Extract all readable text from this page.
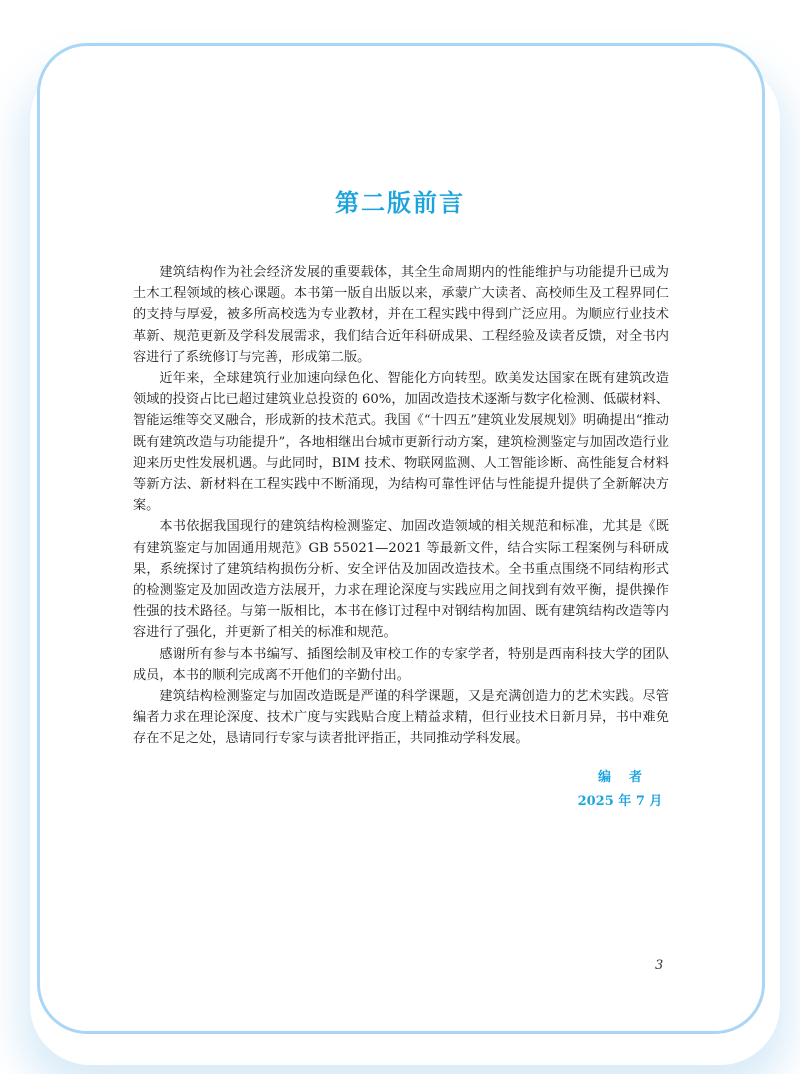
第二版前言

建筑结构作为社会经济发展的重要载体，其全生命周期内的性能维护与功能提升已成为土木工程领域的核心课题。本书第一版自出版以来，承蒙广大读者、高校师生及工程界同仁的支持与厚爱，被多所高校选为专业教材，并在工程实践中得到广泛应用。为顺应行业技术革新、规范更新及学科发展需求，我们结合近年科研成果、工程经验及读者反馈，对全书内容进行了系统修订与完善，形成第二版。

近年来，全球建筑行业加速向绿色化、智能化方向转型。欧美发达国家在既有建筑改造领域的投资占比已超过建筑业总投资的 60%，加固改造技术逐渐与数字化检测、低碳材料、智能运维等交叉融合，形成新的技术范式。我国《“十四五”建筑业发展规划》明确提出“推动既有建筑改造与功能提升”，各地相继出台城市更新行动方案，建筑检测鉴定与加固改造行业迎来历史性发展机遇。与此同时，BIM 技术、物联网监测、人工智能诊断、高性能复合材料等新方法、新材料在工程实践中不断涌现，为结构可靠性评估与性能提升提供了全新解决方案。

本书依据我国现行的建筑结构检测鉴定、加固改造领域的相关规范和标准，尤其是《既有建筑鉴定与加固通用规范》GB 55021—2021 等最新文件，结合实际工程案例与科研成果，系统探讨了建筑结构损伤分析、安全评估及加固改造技术。全书重点围绕不同结构形式的检测鉴定及加固改造方法展开，力求在理论深度与实践应用之间找到有效平衡，提供操作性强的技术路径。与第一版相比，本书在修订过程中对钢结构加固、既有建筑结构改造等内容进行了强化，并更新了相关的标准和规范。

感谢所有参与本书编写、插图绘制及审校工作的专家学者，特别是西南科技大学的团队成员，本书的顺利完成离不开他们的辛勤付出。

建筑结构检测鉴定与加固改造既是严谨的科学课题，又是充满创造力的艺术实践。尽管编者力求在理论深度、技术广度与实践贴合度上精益求精，但行业技术日新月异，书中难免存在不足之处，恳请同行专家与读者批评指正，共同推动学科发展。

编者
2025 年 7 月
3
